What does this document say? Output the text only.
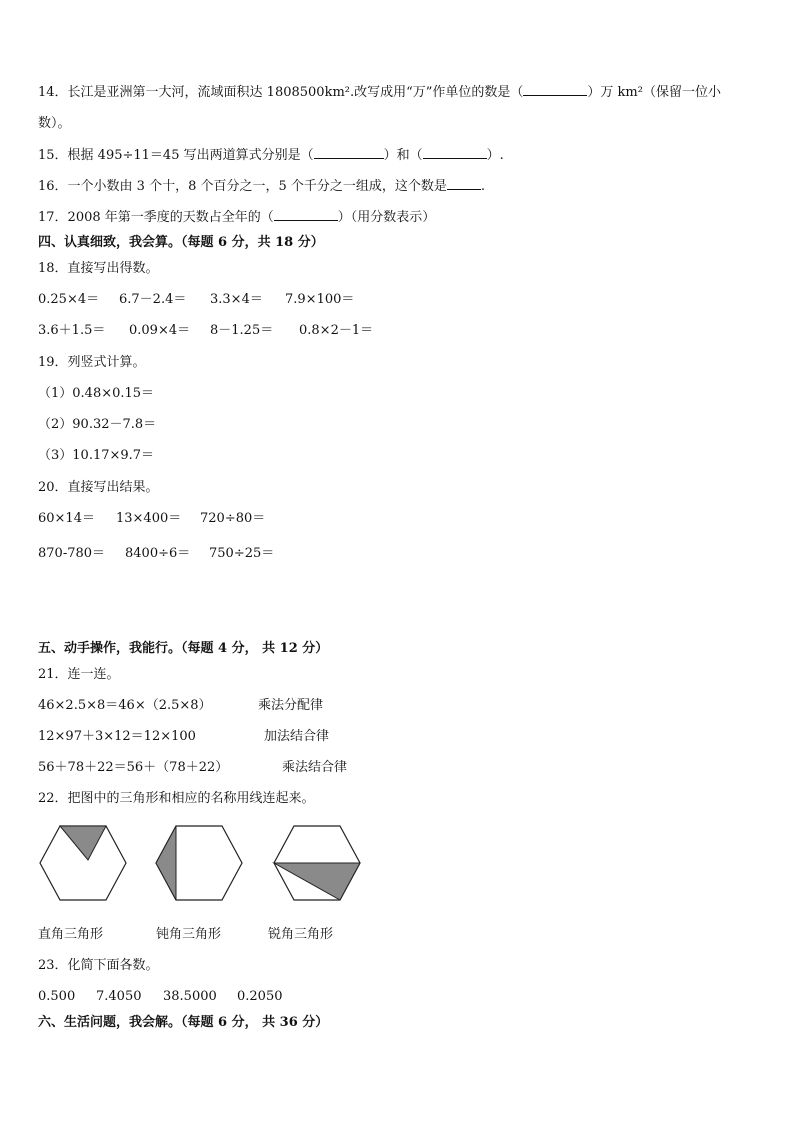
14．长江是亚洲第一大河，流域面积达 1808500km².改写成用“万”作单位的数是（	）万 km²（保留一位小
数）。
15．根据 495÷11＝45 写出两道算式分别是（	）和（	）.
16．一个小数由 3 个十，8 个百分之一，5 个千分之一组成，这个数是	.
17．2008 年第一季度的天数占全年的（	）（用分数表示）
四、认真细致，我会算。（每题 6 分，共 18 分）
18．直接写出得数。
0.25×4＝ 6.7－2.4＝ 3.3×4＝ 7.9×100＝
3.6＋1.5＝ 0.09×4＝ 8－1.25＝ 0.8×2－1＝
19．列竖式计算。
（1）0.48×0.15＝
（2）90.32－7.8＝
（3）10.17×9.7＝
20．直接写出结果。
60×14＝ 13×400＝ 720÷80＝
870-780＝ 8400÷6＝ 750÷25＝
五、动手操作，我能行。（每题 4 分， 共 12 分）
21．连一连。
46×2.5×8＝46×（2.5×8）	乘法分配律
12×97＋3×12＝12×100	加法结合律
56＋78＋22＝56＋（78＋22）	乘法结合律
22．把图中的三角形和相应的名称用线连起来。
直角三角形	钝角三角形	锐角三角形
23．化简下面各数。
0.500 7.4050 38.5000 0.2050
六、生活问题，我会解。（每题 6 分， 共 36 分）
